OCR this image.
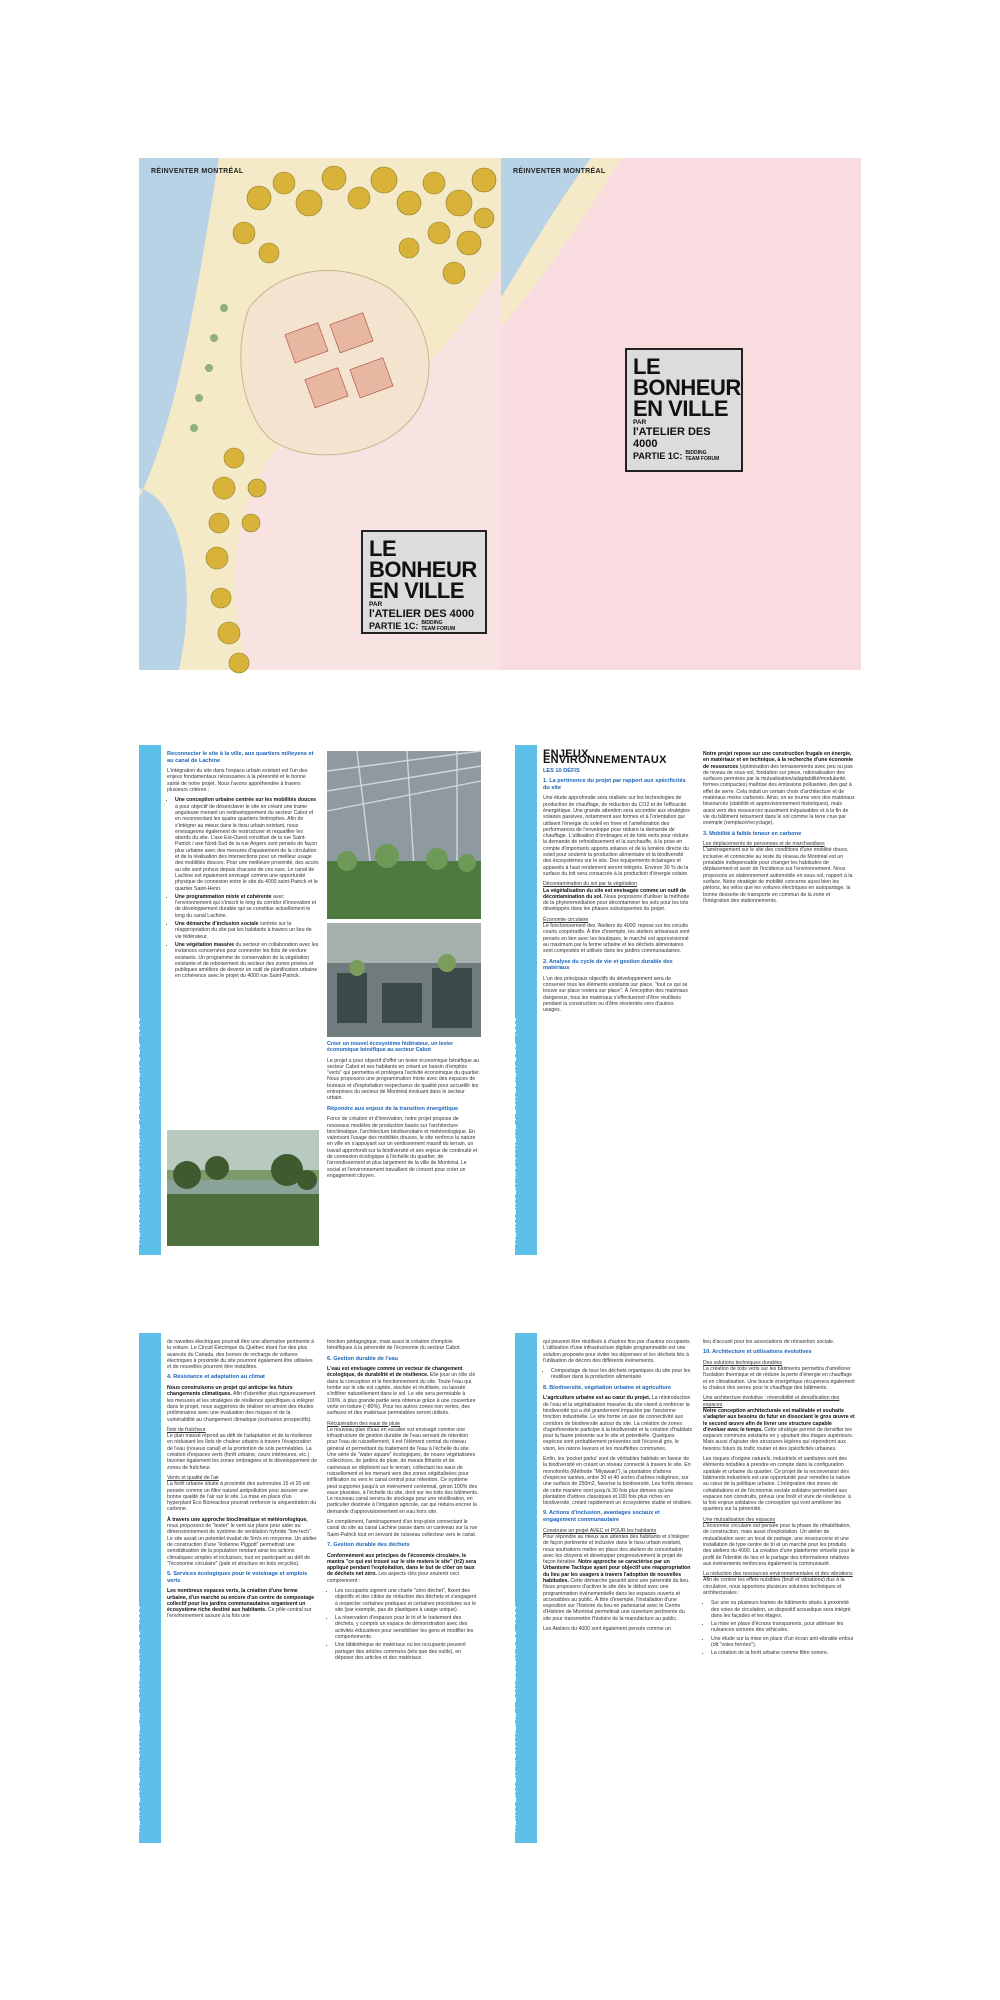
RÉINVENTER MONTRÉAL
LE BONHEUR
EN VILLE
PAR
l'ATELIER DES 4000
PARTIE 1C: BIDDING
TEAM FORUM
RÉINVENTER MONTRÉAL
LE BONHEUR
EN VILLE
PAR
l'ATELIER DES 4000
PARTIE 1C: BIDDING
TEAM FORUM
RÉINVENTER MONTRÉAL : L'ATELIER DES 4000

Reconnecter le site à la ville, aux quartiers milieyens et au canal de Lachine

L'intégration du site dans l'espace urbain existant est l'un des enjeux fondamentaux nécessaires à la pérennité et le bonne santé de notre projet. Nous l'avons appréhendée à travers plusieurs critères :

• Une conception urbaine centrée sur les mobilités douces à pour objectif de désenclaver le site en créant une trame anguleuse menant un redéveloppement du secteur Cabot et en reconnectant les quatre quartiers limitrophes. Afin de s'intégrer au mieux dans le tissu urbain existant, nous envisageons également de restructurer et requalifier les abords du site. L'axe Est-Ouest constitué de la rue Saint-Patrick / axe Nord-Sud de la rue Angers sont pensés de façon plus urbaine avec des mesures d'apaisement de la circulation et de la réalisation des intersections pour un meilleur usage des mobilités douces. Pour une meilleure proximité, des accès au site sont prévus depuis chacune de ces rues. Le canal de Lachine est également envisagé comme une opportunité physique de connexion entre le site du 4000 saint-Patrick et le quartier Saint-Henri.
• Une programmation mixte et cohérente avec l'environnement qui s'inscrit le long du corridor d'innovation et de développement durable qui se constitue actuellement le long du canal Lachine.
• Une démarche d'inclusion sociale centrée sur la réappropriation du site par les habitants à travers un lieu de vie fédérateur.
• Une végétation massive du secteur en collaboration avec les instances concernées pour connecter les îlots de verdure existants. Un programme de conservation de la végétation existante et de reboisement du secteur des zones privées et publiques améliore de devenir un outil de planification urbaine en cohérence avec le projet du 4000 rue Saint-Patrick.

Créer un nouvel écosystème fédérateur, un levier économique bénéfique au secteur Cabot

Le projet a pour objectif d'offrir un levier économique bénéfique au secteur Cabot et ses habitants en créant un bassin d'emplois "verts" qui permettra et protégera l'activité économique du quartier. Nous proposons une programmation mixte avec des espaces de bureaux et d'exploitation respectueux de qualité pour accueillir les entreprises du secteur de Montréal évoluant dans le secteur urbain.

Répondre aux enjeux de la transition énergétique

Force de création et d'innovation, notre projet propose de nouveaux modèles de production basés sur l'architecture bioclimatique, l'architecture biodiversitaire et météorologique. En valorisant l'usage des mobilités douces, le site renforce la nature en ville en s'appuyant sur un verdissement massif du terrain, un travail approfondi sur la biodiversité et ses enjeux de continuité et de connexion écologique à l'échelle du quartier, de l'arrondissement et plus largement de la ville de Montréal. Le social et l'environnement travaillent de concert pour créer un engagement citoyen.	RÉINVENTER MONTRÉAL : L'ATELIER DES 4000
ENJEUX ENVIRONNEMENTAUX

LES 10 DÉFIS

1. La pertinence du projet par rapport aux spécificités du site

Une étude approfondie sera réalisée sur les technologies de production de chauffage, de réduction du CO2 et de l'efficacité énergétique. Une grande attention sera accordée aux stratégies solaires passives, notamment aux formes et à l'orientation qui utilisent l'énergie du soleil en hiver et l'amélioration des performances de l'enveloppe pour réduire la demande de chauffage. L'utilisation d'ombrages et de toits verts pour réduire la demande de refroidissement et la surchauffe, à la prise en compte d'importants apports solaires et de la lumière directe du soleil pour soutenir la production alimentaire et la biodiversité des écosystèmes sur le site. Des équipements éclairages et appareils à haut rendement seront intégrés. Environ 30 % de la surface du toit sera consacrée à la production d'énergie solaire.

Décontamination du sol par la végétation

La végétalisation du site est envisagée comme un outil de décontamination du sol. Nous proposons d'utiliser la méthode de la phytoremédiation pour décontaminer les sols pour les lots développés dans les phases subséquentes du projet.

Économie circulaire

Le fonctionnement des 'Ateliers du 4000' repose sur les circuits courts coopératifs. À titre d'exemple, les ateliers artisanaux sont pensés en lien avec les boutiques, le marché est approvisionné au maximum par la ferme urbaine et les déchets alimentaires sont compostés et utilisés dans les jardins communautaires.

2. Analyse du cycle de vie et gestion durable des matériaux

L'un des principaux objectifs du développement sera de conserver tous les éléments existants sur place, "tout ce qui se trouve sur place restera sur place". À l'exception des matériaux dangereux, tous les matériaux s'effectueront d'être réutilisés pendant la construction ou d'être réorientés vers d'autres usages.

Notre projet repose sur une construction frugale en énergie, en matériaux et en technique, à la recherche d'une économie de ressources (optimisation des terrassements avec peu ou pas de niveau de sous-sol, fondation sur pieux, rationalisation des surfaces permises par la mutualisation/adaptabilité/modularité, formes compactes) maîtrise des émissions polluantes, des gaz à effet de serre. Cela induit un certain choix d'architecture et de matériaux moins carbonés. Ainsi, on se tourne vers des matériaux biosourcés (stabilité et approvisionnement historiques), mais aussi vers des ressources quasiment inépuisables et à la fin de vie du bâtiment retournent dans le sol comme la terre crue par exemple (remplacé/recyclage).

3. Mobilité à faible teneur en carbone

Les déplacements de personnes et de marchandises

L'aménagement sur le site des conditions d'une mobilité douce, inclusive et connectée au reste du réseau de Montréal est un préalable indispensable pour changer les habitudes de déplacement et avoir de l'incidence sur l'environnement. Nous proposons un stationnement automobile en sous-sol, rapport à la surface. Notre stratégie de mobilité concerne aussi bien les piétons, les vélos que les voitures électriques en autopartage, la bonne desserte de transports en commun de la zone et l'intégration des stationnements.

RÉINVENTER MONTRÉAL : L'ATELIER DES 4000

de navettes électriques pourrait être une alternative pertinente à la voiture. Le Circuit Électrique du Québec étant l'un des plus avancés du Canada, des bornes de recharge de voitures électriques à proximité du site pourront également être utilisées et de nouvelles pourront être installées.

4. Résistance et adaptation au climat

Nous construisons un projet qui anticipe les futurs changements climatiques. Afin d'identifier plus rigoureusement les mesures et les stratégies de résilience spécifiques à intégrer dans le projet, nous suggérons de réaliser en amont des études préliminaires avec une évaluation des risques et de la vulnérabilité au changement climatique (scénarios prospectifs).

Îlots de fraîcheur

Le plan massé répond au défi de l'adaptation et de la résilience en réduisant les îlots de chaleur urbains à travers l'évaporation de l'eau (noueux canal) et la promotion de sols perméables. La création d'espaces verts (forêt urbaine, cours intérieures, etc.) favorise également les zones ombragées et le développement de zones de fraîcheur.

Vents et qualité de l'air

La forêt urbaine située à proximité des autoroutes 15 et 20 est pensée comme un filtre naturel antipollution pour assurer une bonne qualité de l'air sur le site. La mise en place d'un hyperplant Éco Bioreacteur pourrait renforcer la séquestration du carbone.

À travers une approche bioclimatique et météorologique, nous proposons de "tester" le vent sur place pour aider au dimensionnement de système de ventilation hybride "low-tech". Le site aurait un potentiel évalué de 5m/s en moyenne. Un atelier de construction d'une "éolienne Piggott" permettrait une sensibilisation de la population rendant ainsi les actions climatiques simples et inclusives, tout en participant au défi de "l'économie circulaire" (pale et structure en bois recyclés).

5. Services écologiques pour le voisinage et emplois verts

Les nombreux espaces verts, la création d'une ferme urbaine, d'un marché ou encore d'un centre de compostage collectif pour les jardins communautaires organisent un écosystème riche destiné aux habitants. Ce pôle central sur l'environnement assure à la fois une

fonction pédagogique, mais aussi la création d'emplois bénéfiques à la pérennité de l'économie du secteur Cabot.

6. Gestion durable de l'eau

L'eau est envisagée comme un vecteur de changement écologique, de durabilité et de résilience. Elle joue un rôle clé dans la conception et le fonctionnement du site. Toute l'eau qui tombe sur le site est captée, stockée et réutilisée, ou laissée s'infiltrer naturellement dans le sol. Le site sera perméable à 100%, à plus grande partie sera obtenue grâce à une couverture verte en toiture (~80%). Pour les autres zones non vertes, des surfaces et des matériaux perméables seront utilisés.

Récupération des eaux de pluie

Le nouveau plan d'eau en escalier est envisagé comme une infrastructure de gestion durable de l'eau servant de rétention pour l'eau de ruissellement, il est l'élément central du réseau général et permettant du traitement de l'eau à l'échelle du site. Une série de "water square" écologiques, de noues végétalisées collectrices, de jardins de pluie, de marais filtrants et de caniveaux se déploient sur le terrain, collectant les eaux de ruissellement et les menant vers des zones végétalisées pour infiltration ou vers le canal central pour rétention. Ce système peut supporter jusqu'à un événement centennal, géran 100% des eaux pluviales, à l'échelle du site, dont sur les toits des bâtiments. Le nouveau canal servira de stockage pour une réutilisation, en particulier destinée à l'irrigation agricole, car qui réduira encore la demande d'approvisionnement en eau hors site.

En complément, l'aménagement d'un trop-plein connectant le canal du site au canal Lachine passe dans un caniveau sur la rue Saint-Patrick tout en servant de ruisseau collecteur vers le canal.

7. Gestion durable des déchets

Conformément aux principes de l'économie circulaire, le mantra "ce qui est trouvé sur le site restera le site" (tr2) sera appliqué pendant l'exploitation, dans le but de clôer un taux de déchets net zéro. Les aspects clés pour soutenir ceci comprennent :

• Les occupants signent une charte "zéro déchet", fixent des objectifs et des cibles de réduction des déchets et s'engagent à respecter certaines pratiques et certaines procédures sur le site (par exemple, pas de plastiques à usage unique).
• La réservation d'espaces pour le tri et le traitement des déchets, y compris un espace de démonstration avec des activités éducatives pour sensibiliser les gens et modifier les comportements.
• Une bibliothèque de matériaux où les occupants peuvent partager des articles communs (tels que des outils), en déposer des articles et des matériaux	RÉINVENTER MONTRÉAL : L'ATELIER DES 4000

qui peuvent être réutilisés à d'autres fins par d'autres occupants. L'utilisation d'une infrastructure digitale programmable est une solution proposée pour éviter les dépenses et les déchets liés à l'utilisation de décors des différents événements.

• Compostage de tous les déchets organiques du site pour les réutiliser dans la production alimentaire.

8. Biodiversité, végétation urbaine et agriculture

L'agriculture urbaine est au cœur du projet. La réintroduction de l'eau et la végétalisation massive du site visent à renforcer la biodiversité qui a été grandement impactée par l'ancienne fonction industrielle. Le site forme un axe de connectivité aux corridors de biodiversité autour du site. La création de zones d'agroforesterie participe à la biodiversité et la création d'habitats pour la faune présente sur le site et potentielle. Quelques espèces sont probablement présentes soit l'écureuil gris, le vison, les ratons laveurs et les mouffettes communes.

Enfin, les 'pocket parks' sont de véritables habitats en faveur de la biodiversité en créant un réseau connecté à travers le site. En monoforêts (Méthode "Miyawaki"), la plantation d'arbres d'espèces variées, entre 30 et 40 sortes d'arbres indigènes, sur une surface de 250m2, favorise la biodiversité. Les forêts denses de cette manière sont jusqu'à 30 fois plus denses qu'une plantation d'arbres classiques et 100 fois plus riches en biodiversité, créant rapidement un écosystème stable et résilient.

9. Actions d'inclusion, avantages sociaux et engagement communautaire

Construire un projet AVEC et POUR les habitants

Pour répondre au mieux aux attentes des habitants et s'intégrer de façon pertinente et inclusive dans le tissu urbain existant, nous souhaitons mettre en place des ateliers de concertation avec les citoyens et développer progressivement le projet de façon itérative. Notre approche se caractérise par un Urbanisme Tactique ayant pour objectif une réappropriation du lieu par les usagers à travers l'adoption de nouvelles habitudes. Cette démarche garantit ainsi une pérennité du lieu. Nous proposons d'activer le site dès le début avec une programmation évènementielle dans les espaces ouverts et accessibles au public. À titre d'exemple, l'installation d'une exposition sur l'histoire du lieu en partenariat avec le Centre d'Histoire de Montréal permettrait une ouverture pertinente du site pour transmettre l'histoire de la manufacture au public.

Les Ateliers du 4000 sont également pensés comme un

lieu d'accueil pour les associations de réinsertion sociale.

10. Architecture et utilisations évolutives

Des solutions techniques durables

La création de toits verts sur les bâtiments permettra d'améliorer l'isolation thermique et de réduire la perte d'énergie en chauffage et en climatisation. Une boucle énergétique récupérera également la chaleur des serres pour le chauffage des bâtiments.

Une architecture évolutive : réversibilité et densification des espaces

Notre conception architecturale est malléable et souhaite s'adapter aux besoins du futur en dissociant le gros œuvre et le second œuvre afin de livrer une structure capable d'évoluer avec le temps. Cette stratégie permet de densifier les espaces communs existants en y ajoutant des étages supérieurs. Mais aussi d'ajouter des structures légères qui répondront aux besoins futurs du trafic routier et des spécificités urbaines.

Les risques d'origine naturels, industriels et sanitaires sont des éléments notables à prendre en compte dans la configuration spatiale et urbaine du quartier. Ce projet de la reconversion des bâtiments industriels est une opportunité pour remettre la nature au cœur de la politique urbaine. L'intégration des zones de cohabitations et de l'économie sociale solidaire permettent aux espaces non construits, prévus une forêt et vivre de résilience, à la fois enjeux solidaires de conception qui vont améliorer les quartiers sur la pérennité.

Une mutualisation des espaces

L'économie circulaire est pensée pour la phase de réhabilitation, de construction, mais aussi d'exploitation. Un atelier de mutualisation avec un local de partage, une ressourcerie et une installation de type centre de tri et un marché pour les produits des ateliers du 4000. La création d'une plateforme virtuelle pour le profil de l'identité de lieu et le partage des informations relatives aux événements renforcera également la communauté.

La réduction des ressources environnementales et des vibrations

Afin de contrer les effets nuisibles (bruit et vibrations) dus à la circulation, nous apportons plusieurs solutions techniques et architecturales :

• Sur une ou plusieurs trames de bâtiments situés à proximité des voies de circulation, un dispositif acoustique sera intégré dans les façades et les étages.
• La mise en place d'écrans transparents, pour atténuer les nuisances sonores des véhicules.
• Une étude sur la mise en place d'un écran anti-vibratile enfoui (dit "voies ferrées").
• La création de la forêt urbaine comme filtre sonore.
